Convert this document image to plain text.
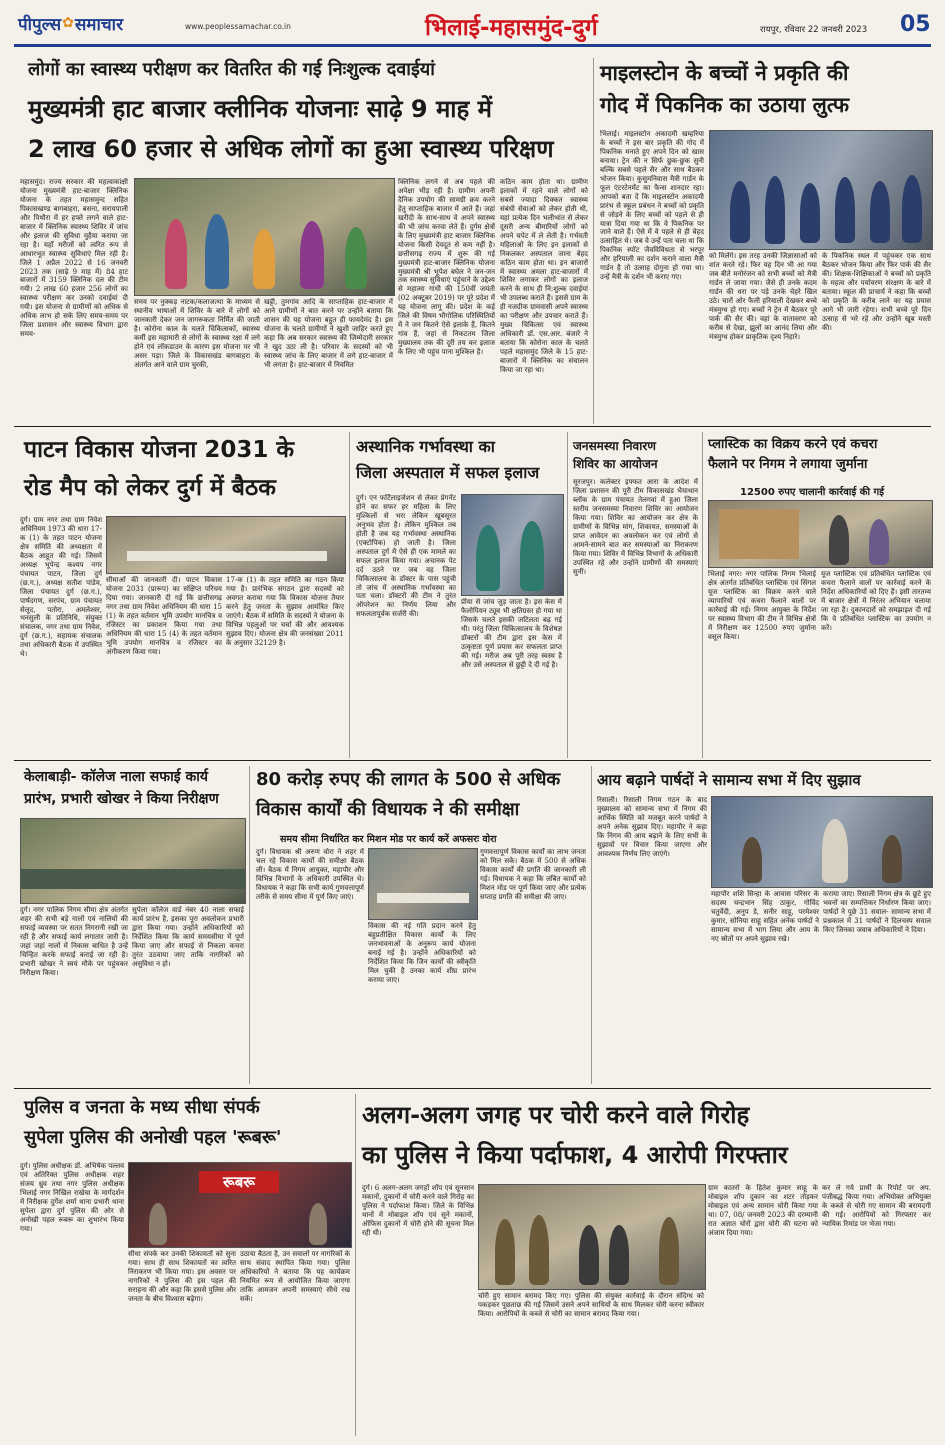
पीपुल्स ✿ समाचार	www.peoplessamachar.co.in	भिलाई-महासमुंद-दुर्ग	रायपुर, रविवार 22 जनवरी 2023 05
लोगों का स्वास्थ्य परीक्षण कर वितरित की गई निःशुल्क दवाईयां
मुख्यमंत्री हाट बाजार क्लीनिक योजनाः साढ़े 9 माह में
2 लाख 60 हजार से अधिक लोगों का हुआ स्वास्थ्य परिक्षण
महासमुंद। राज्य सरकार की महत्वाकांक्षी योजना मुख्यमंत्री हाट-बाजार क्लिनिक योजना के तहत महासमुन्द सहित पिकासखण्ड बागबाहरा, बसना, सरायपाली और पिथौरा में हर हफ्ते लगने वाले हाट-बाजार में क्लिनिक स्वास्थ्य शिविर में जांच और इलाज की सुविधा मुहैया कराया जा रहा है। यहाँ मरीजों को त्वरित रूप से आधारभूत स्वास्थ्य सुविधाएं मिल रही है। जिले 1 अप्रैल 2022 से 16 जनवरी 2023 तक (साढ़े 9 माह में) 84 हाट बाजारों में 3159 क्लिनिक दल की टीम गयी। 2 लाख 60 हजार 256 लोगों का स्वास्थ्य परीक्षण कर उनको दवाईयां दी गयी। इस योजना से ग्रामीणों को अधिक से अधिक लाभ हो सके लिए समय-समय पर जिला प्रशासन और स्वास्थ्य विभाग द्वारा समय-
समय पर नुक्कड़ नाटक/कलाजत्था के माध्यम से स्थानीय भाषाओं में शिविर के बारे में लोगों को जानकारी देकर जन जागरूकता निर्मित की जाती है। कोरोना काल के चलते चिकित्सकों, स्वास्थ्य कर्मी इस महामारी से लोगों के स्वास्थ्य रक्षा में लगे होने एवं लॉकडाउन के कारण इस योजना पर भी असर पड़ा। जिले के विकासखंड बागबाहरा के अंतर्गत आने वाले ग्राम चुरकी,
खट्टी, तुमगांव आदि के साप्ताहिक हाट-बाजार में आने ग्रामीणों ने बात करने पर उन्होंने बताया कि शासन की यह योजना बहुत ही फायदेमंद है। इस योजना के चलते ग्रामीणों ने खुशी जाहिर करते हुए कहा कि अब सरकार स्वास्थ्य की जिम्मेदारी सरकार ने खुद उठा ली है। परिवार के सदस्यों को भी स्वास्थ्य जांच के लिए बाजार में लगे हाट-बाजार में भी लगता है। हाट-बाजार में नियमित
क्लिनिक लगने से अब पहले की अपेक्षा भीड़ रही है। ग्रामीण अपनी दैनिक उपयोग की सामग्री क्रय करने हेतु साप्ताहिक बाजार में आते हैं। जहां खरीदी के साथ-साथ वे अपने स्वास्थ्य की भी जांच करवा लेते हैं। दुर्गम क्षेत्रों के लिए मुख्यमंत्री हाट बाजार क्लिनिक योजना किसी देवदूत से कम नहीं है। छत्तीसगढ़ राज्य में शुरू की गई मुख्यमंत्री हाट-बाजार क्लिनिक योजना मुख्यमंत्री श्री भूपेश बघेल ने जन-जन तक स्वास्थ्य सुविधाएं पहुंचाने के उद्देश्य से महात्मा गांधी की 150वीं जयंती (02 अक्टूबर 2019) पर पूरे प्रदेश में यह योजना लागू की। प्रदेश के कई जिले की विषम भौगोलिक परिस्थितियों में ने जन कितने ऐसे इलाके हैं, कितने गांव हैं, जहां से निकटतम जिला मुख्यालय तक की दूरी तय कर इलाज के लिए भी पहुंच पाना मुश्किल है।
कठिन काम होता था। ग्रामीण इलाकों में रहने वाले लोगों को सबसे ज्यादा दिक्कत स्वास्थ्य संबंधी सेवाओं को लेकर होती थी, यहां प्रत्येक दिन भलीभांत से लेकर दूसरी अन्य बीमारियों लोगों को अपने चपेट में ले लेती है। गर्भवती महिलाओं के लिए इन इलाकों से निकलकर अस्पताल जाना बेहद कठिन काम होता था। इन बाजारों में स्वास्थ्य अमला हाट-बाजारों में शिविर लगाकर लोगों का इलाज करने के साथ ही नि:शुल्क दवाईयां भी उपलब्ध कराते हैं। इससे ग्राम के ही नजदीक ग्रामवासी अपने स्वास्थ्य का परीक्षण और उपचार कराते हैं। मुख्य चिकित्सा एवं स्वास्थ्य अधिकारी डॉ. एस.आर. बंजारे ने बताया कि कोरोना काल के चलते पहले महासमुंद जिले के 15 हाट-बाजारों में क्लिनिक का संचालन किया जा रहा था।
माइलस्टोन के बच्चों ने प्रकृति की
गोद में पिकनिक का उठाया लुत्फ
भिलाई। माइलस्टोन अकादमी खम्हरिया के बच्चों ने इस बार प्रकृति की गोद में पिकनिक मनाते हुए अपने दिन को खास बनाया। ट्रेन की न सिर्फ छुक-छुक सुनी बल्कि सबसे पहले सैर और साथ बैठकर भोजन किया। कुसुमनिवास मैत्री गार्डन के फूल एंटरटेनमेंट का फैन्स शानदार रहा। आपको बता दें कि माइलस्टोन अकादमी प्रारंभ से स्कूल प्रबंधन ने बच्चों को प्रकृति से जोड़ने के लिए बच्चों को पहले से ही यात्रा दिया गया था कि वे पिकनिक पर जाने वाले हैं। ऐसे में वे पहले से ही बेहद उत्साहित थे। जब वे उन्हें पता चला था कि पिकनिक स्पॉट जैवविविधता से भरपूर और हरियाली का दर्शन कराने वाला मैत्री गार्डन है तो उत्साह दोगुना हो गया था। उन्हें मैत्री के दर्शन भी कराए गए।
को मिलेंगे। इस तरह उनकी जिज्ञासाओं को शांत करते रहे। फिर यह दिन भी आ गया जब बीते मनोरंजन को सभी बच्चों को मैत्री गार्डन ले जाया गया। जैसे ही उनके कदम गार्डन की धरा पर पड़े उनके चेहरे खिल उठे। चारों ओर फैली हरियाली देखकर बच्चे मंत्रमुग्ध हो गए। बच्चों ने ट्रेन में बैठकर पूरे पार्क की सैर की। वहां के वातावरण को करीब से देखा, झूलों का आनंद लिया और मंत्रमुग्ध होकर प्राकृतिक दृश्य निहारे।
के पिकनिक स्थल में पहुंचकर एक साथ बैठकर भोजन किया और फिर पार्क की सैर की। शिक्षक-शिक्षिकाओं ने बच्चों को प्रकृति के महत्व और पर्यावरण संरक्षण के बारे में बताया। स्कूल की प्राचार्य ने कहा कि बच्चों को प्रकृति के करीब लाने का यह प्रयास आगे भी जारी रहेगा। सभी बच्चे पूरे दिन उत्साह से भरे रहे और उन्होंने खूब मस्ती की।
पाटन विकास योजना 2031 के
रोड मैप को लेकर दुर्ग में बैठक
दुर्ग। ग्राम नगर तथा ग्राम निवेश अधिनियम 1973 की धारा 17-क (1) के तहत पाटन योजना क्षेत्र समिति की अध्यक्षता में बैठक आहूत की गई। जिसमें अध्यक्ष भूपेन्द्र कश्यप नगर पंचायत पाटन, जिला दुर्ग (छ.ग.), अध्यक्ष सतीश पांडेय, जिला पंचायत दुर्ग (छ.ग.), पार्षदगण, सरपंच, ग्राम पंचायत सेलूद, पतोरा, अमलेश्वर, भनसुली के प्रतिनिधि, संयुक्त संचालक, नगर तथा ग्राम निवेश, दुर्ग (छ.ग.), सहायक संचालक तथा अधिकारी बैठक में उपस्थित थे।
सीमाओं की जानकारी दी। पाटन विकास योजना 2031 (प्रारूप) का संक्षिप्त परिचय दिया गया। जानकारी दी गई कि छत्तीसगढ़ नगर तथा ग्राम निवेश अधिनियम की धारा 15 (1) के तहत वर्तमान भूमि उपयोग मानचित्र व रजिस्टर का प्रकाशन किया गया तथा अधिनियम की धारा 15 (4) के तहत वर्तमान भूमि उपयोग मानचित्र व रजिस्टर का अंगीकरण किया गया।
17-क (1) के तहत समिति का गठन किया गया है। प्रारंभिक संगठन द्वारा सदस्यों को अवगत कराया गया कि विकास योजना तैयार करने हेतु जनता के सुझाव आमंत्रित किए जाएंगे। बैठक में समिति के सदस्यों ने योजना के विभिन्न पहलुओं पर चर्चा की और आवश्यक सुझाव दिए। योजना क्षेत्र की जनसंख्या 2011 के अनुसार 32129 है।
अस्थानिक गर्भावस्था का
जिला अस्पताल में सफल इलाज
दुर्ग। एन फर्टिलाइजेशन से लेकर प्रेगनेंट होने का सफर हर महिला के लिए मुश्किलों से भरा लेकिन खूबसूरत अनुभव होता है। लेकिन मुश्किल तब होती है जब यह गर्भावस्था अस्थानिक (एक्टोपिक) हो जाती है। जिला अस्पताल दुर्ग में ऐसे ही एक मामले का सफल इलाज किया गया। अचानक पेट दर्द उठने पर जब वह जिला चिकित्सालय के डॉक्टर के पास पहुंची तो जांच में अस्थानिक गर्भावस्था का पता चला। डॉक्टरों की टीम ने तुरंत ऑपरेशन का निर्णय लिया और सफलतापूर्वक सर्जरी की।
प्रीया से जांच जुड़ जाता है। इस केस में फैलोपियन ट्यूब भी क्षतिग्रस्त हो गया था जिसके चलते इसकी जटिलता बढ़ गई थी। परंतु जिला चिकित्सालय के विशेषज्ञ डॉक्टरों की टीम द्वारा इस केस में उत्कृष्टता पूर्ण प्रयास कर सफलता प्राप्त की गई। मरीज अब पूरी तरह स्वस्थ है और उसे अस्पताल से छुट्टी दे दी गई है।
जनसमस्या निवारण
शिविर का आयोजन
सूरजपुर। कलेक्टर इफ्फत आरा के आदेश में जिला प्रशासन की पूरी टीम विकासखंड भैयाथान ब्लॉक के ग्राम पंचायत तेलगवां में हुआ जिला स्तरीय जनसमस्या निवारण शिविर का आयोजन किया गया। शिविर का आयोजन कर क्षेत्र के ग्रामीणों के विभिन्न मांग, शिकायत, समस्याओं के प्राप्त आवेदन का अवलोकन कर एवं लोगों से आमने-सामने बात कर समस्याओं का निराकरण किया गया। शिविर में विभिन्न विभागों के अधिकारी उपस्थित रहे और उन्होंने ग्रामीणों की समस्याएं सुनीं।
प्लास्टिक का विक्रय करने एवं कचरा
फैलाने पर निगम ने लगाया जुर्माना
12500 रुपए चालानी कार्रवाई की गई
भिलाई नगर। नगर पालिक निगम भिलाई क्षेत्र अंतर्गत प्रतिबंधित प्लास्टिक एवं सिंगल यूज प्लास्टिक का विक्रय करने वाले व्यापारियों एवं कचरा फैलाने वालों पर कार्रवाई की गई। निगम आयुक्त के निर्देश पर स्वास्थ्य विभाग की टीम ने विभिन्न क्षेत्रों में निरीक्षण कर 12500 रुपए जुर्माना वसूल किया।
यूज प्लास्टिक एवं प्रतिबंधित प्लास्टिक एवं कचरा फैलाने वालों पर कार्रवाई करने के निर्देश अधिकारियों को दिए हैं। इसी तारतम्य में बाजार क्षेत्रों में निरंतर अभियान चलाया जा रहा है। दुकानदारों को समझाइश दी गई कि वे प्रतिबंधित प्लास्टिक का उपयोग न करें।
केलाबाड़ी- कॉलेज नाला सफाई कार्य
प्रारंभ, प्रभारी खोखर ने किया निरीक्षण
दुर्ग। नगर पालिक निगम सीमा क्षेत्र अंतर्गत शहर की सभी बड़े नालों एवं नालियों की सफाई व्यवस्था पर सतत निगरानी रखी जा रही है और सफाई कार्य लगातार जारी है। जहां जहां नालों में निकास बाधित है उन्हें चिन्हित करके सफाई कराई जा रही है। प्रभारी खोखर ने स्वयं मौके पर पहुंचकर निरीक्षण किया।
सुपेला कॉलेज वार्ड नंबर 40 नाला सफाई कार्य प्रारंभ है, इसका पूरा अवलोकन प्रभारी द्वारा किया गया। उन्होंने अधिकारियों को निर्देशित किया कि कार्य समयसीमा में पूर्ण किया जाए और सफाई से निकला कचरा तुरंत उठवाया जाए ताकि नागरिकों को असुविधा न हो।
80 करोड़ रुपए की लागत के 500 से अधिक
विकास कार्यों की विधायक ने की समीक्षा
समय सीमा निर्धारित कर मिशन मोड पर कार्य करें अफसरः वोरा
दुर्ग। विधायक श्री अरुण वोरा ने शहर में चल रहे विकास कार्यों की समीक्षा बैठक ली। बैठक में निगम आयुक्त, महापौर और विभिन्न विभागों के अधिकारी उपस्थित थे। विधायक ने कहा कि सभी कार्य गुणवत्तापूर्ण तरीके से समय सीमा में पूर्ण किए जाएं।
विकास की नई गति प्रदान करने हेतु बहुप्रतीक्षित विकास कार्यों के लिए जनभावनाओं के अनुरूप कार्य योजना बनाई गई है। उन्होंने अधिकारियों को निर्देशित किया कि जिन कार्यों की स्वीकृति मिल चुकी है उनका कार्य शीघ्र प्रारंभ कराया जाए।
गुणवत्तापूर्ण विकास कार्यों का लाभ जनता को मिल सके। बैठक में 500 से अधिक विकास कार्यों की प्रगति की जानकारी ली गई। विधायक ने कहा कि लंबित कार्यों को मिशन मोड पर पूर्ण किया जाए और प्रत्येक सप्ताह प्रगति की समीक्षा की जाए।
आय बढ़ाने पार्षदों ने सामान्य सभा में दिए सुझाव
रिसाली। रिसाली निगम गठन के बाद मुख्यालय को सामान्य सभा में निगम की आर्थिक स्थिति को मजबूत करने पार्षदों ने अपने अनेक सुझाव दिए। महापौर ने कहा कि निगम की आय बढ़ाने के लिए सभी के सुझावों पर विचार किया जाएगा और आवश्यक निर्णय लिए जाएंगे।
महापौर शशि सिन्हा के आवास परिसर के सदस्य चन्द्रभान सिंह ठाकुर, गोविंद चतुर्वेदी, अनुप डे, सनीर साहू, परमेश्वर कुमार, सोनिया साहू सहित अनेक पार्षदों ने सामान्य सभा में भाग लिया और आय के नए स्रोतों पर अपने सुझाव रखे।
कराया जाए। रिसाली निगम क्षेत्र के छूटे हुए भवनों का सम्पत्तिकर निर्धारण किया जाए। पार्षदों ने पूछे 31 सवाल- सामान्य सभा में प्रश्नकाल में 31 पार्षदों ने दिलचस्प सवाल किए जिनका जवाब अधिकारियों ने दिया।
पुलिस व जनता के मध्य सीधा संपर्क
सुपेला पुलिस की अनोखी पहल 'रूबरू'
दुर्ग। पुलिस अधीक्षक डॉ. अभिषेक पल्लव एवं अतिरिक्त पुलिस अधीक्षक शहर संजय ध्रुव तथा नगर पुलिस अधीक्षक भिलाई नगर निखिल राखेचा के मार्गदर्शन में निरीक्षक दुर्गेश शर्मा थाना प्रभारी थाना सुपेला द्वारा दुर्ग पुलिस की ओर से अनोखी पहल रूबरू का शुभारंभ किया गया।
रूबरू
सीधा संपर्क कर उनकी शिकायतों को सुना गया। साथ ही साथ शिकायतों का त्वरित निराकरण भी किया गया। इस अवसर पर नागरिकों ने पुलिस की इस पहल की सराहना की और कहा कि इससे पुलिस और जनता के बीच विश्वास बढ़ेगा।
उठाया बैठता है, उन सवालों पर नागरिकों के साथ संवाद स्थापित किया गया। पुलिस अधिकारियों ने बताया कि यह कार्यक्रम नियमित रूप से आयोजित किया जाएगा ताकि आमजन अपनी समस्याएं सीधे रख सकें।
अलग-अलग जगह पर चोरी करने वाले गिरोह
का पुलिस ने किया पर्दाफाश, 4 आरोपी गिरफ्तार
दुर्ग। 6 अलग-अलग जगहों शॉप एवं सूनसान मकानों, दुकानों में चोरी करने वाले गिरोह का पुलिस ने पर्दाफाश किया। जिले के विभिन्न थानों में मोबाइल शॉप एवं सूने मकानों, ऑफिस दुकानों में चोरी होने की सूचना मिल रही थी।
चोरी हुए सामान बरामद किए गए। पुलिस की संयुक्त कार्रवाई के दौरान संदिग्ध को पकड़कर पूछताछ की गई जिसमें उसने अपने साथियों के साथ मिलकर चोरी करना स्वीकार किया। आरोपियों के कब्जे से चोरी का सामान बरामद किया गया।
ग्राम कातरो के हितेश कुमार साहू के मोबाइल शॉप दुकान का शटर तोड़कर मोबाइल एवं अन्य सामान चोरी किया गया था। 07, 08/ जनवरी 2023 की दरम्यानी रात अज्ञात चोरों द्वारा चोरी की घटना को अंजाम दिया गया।
कर ले गये प्रार्थी के रिपोर्ट पर अप. पंजीबद्ध किया गया। अभियोक्त अभियुक्त के कब्जे से चोरी गए सामान की बरामदगी की गई। आरोपियों को गिरफ्तार कर न्यायिक रिमांड पर भेजा गया।
